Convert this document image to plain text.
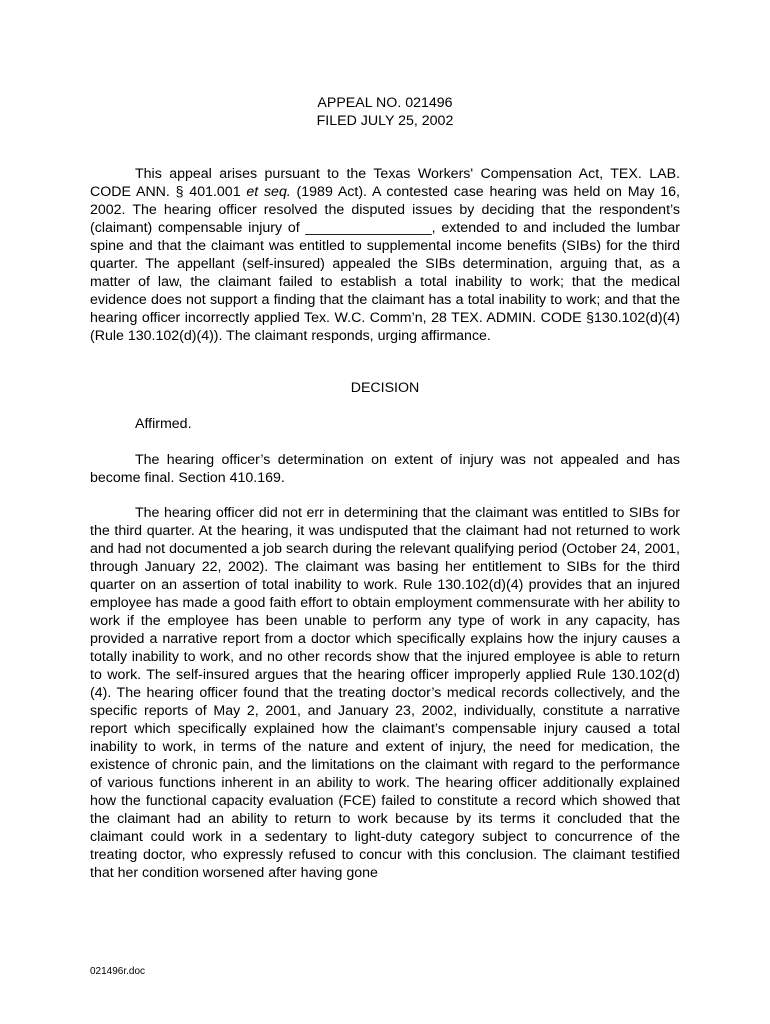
APPEAL NO. 021496
FILED JULY 25, 2002

This appeal arises pursuant to the Texas Workers' Compensation Act, TEX. LAB. CODE ANN. § 401.001 et seq. (1989 Act). A contested case hearing was held on May 16, 2002. The hearing officer resolved the disputed issues by deciding that the respondent’s (claimant) compensable injury of ________________, extended to and included the lumbar spine and that the claimant was entitled to supplemental income benefits (SIBs) for the third quarter. The appellant (self-insured) appealed the SIBs determination, arguing that, as a matter of law, the claimant failed to establish a total inability to work; that the medical evidence does not support a finding that the claimant has a total inability to work; and that the hearing officer incorrectly applied Tex. W.C. Comm’n, 28 TEX. ADMIN. CODE §130.102(d)(4) (Rule 130.102(d)(4)). The claimant responds, urging affirmance.

DECISION
Affirmed.

The hearing officer’s determination on extent of injury was not appealed and has become final. Section 410.169.

The hearing officer did not err in determining that the claimant was entitled to SIBs for the third quarter. At the hearing, it was undisputed that the claimant had not returned to work and had not documented a job search during the relevant qualifying period (October 24, 2001, through January 22, 2002). The claimant was basing her entitlement to SIBs for the third quarter on an assertion of total inability to work. Rule 130.102(d)(4) provides that an injured employee has made a good faith effort to obtain employment commensurate with her ability to work if the employee has been unable to perform any type of work in any capacity, has provided a narrative report from a doctor which specifically explains how the injury causes a totally inability to work, and no other records show that the injured employee is able to return to work. The self-insured argues that the hearing officer improperly applied Rule 130.102(d)(4). The hearing officer found that the treating doctor’s medical records collectively, and the specific reports of May 2, 2001, and January 23, 2002, individually, constitute a narrative report which specifically explained how the claimant’s compensable injury caused a total inability to work, in terms of the nature and extent of injury, the need for medication, the existence of chronic pain, and the limitations on the claimant with regard to the performance of various functions inherent in an ability to work. The hearing officer additionally explained how the functional capacity evaluation (FCE) failed to constitute a record which showed that the claimant had an ability to return to work because by its terms it concluded that the claimant could work in a sedentary to light-duty category subject to concurrence of the treating doctor, who expressly refused to concur with this conclusion. The claimant testified that her condition worsened after having gone

021496r.doc
